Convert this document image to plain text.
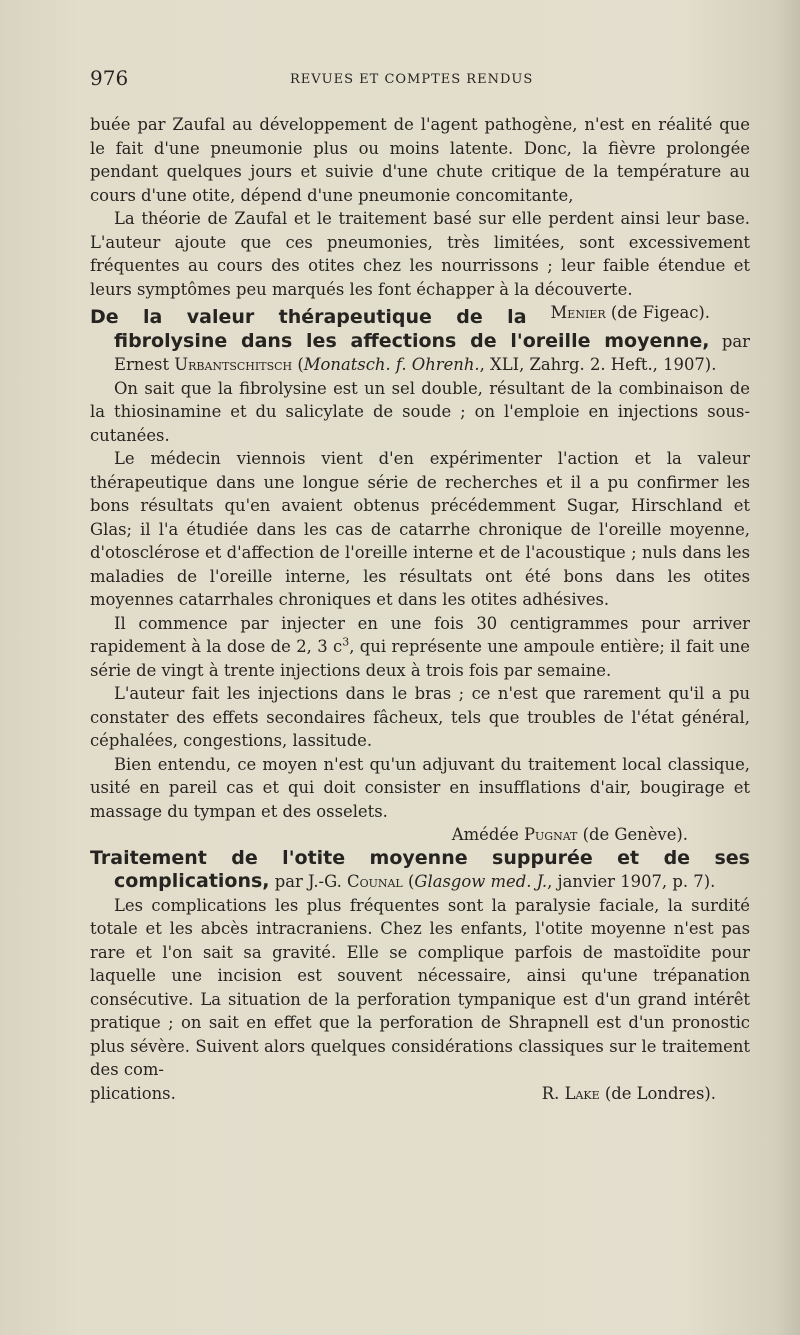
976	REVUES ET COMPTES RENDUS

buée par Zaufal au développement de l'agent pathogène, n'est en réalité que le fait d'une pneumonie plus ou moins latente. Donc, la fièvre prolongée pendant quelques jours et suivie d'une chute critique de la température au cours d'une otite, dépend d'une pneumonie concomitante,

La théorie de Zaufal et le traitement basé sur elle perdent ainsi leur base. L'auteur ajoute que ces pneumonies, très limitées, sont excessivement fréquentes au cours des otites chez les nourrissons ; leur faible étendue et leurs symptômes peu marqués les font échapper à la découverte.
Menier (de Figeac).

De la valeur thérapeutique de la fibrolysine dans les affections de l'oreille moyenne, par Ernest Urbantschitsch (Monatsch. f. Ohrenh., XLI, Zahrg. 2. Heft., 1907).

On sait que la fibrolysine est un sel double, résultant de la combinaison de la thiosinamine et du salicylate de soude ; on l'emploie en injections sous-cutanées.

Le médecin viennois vient d'en expérimenter l'action et la valeur thérapeutique dans une longue série de recherches et il a pu confirmer les bons résultats qu'en avaient obtenus précédemment Sugar, Hirschland et Glas; il l'a étudiée dans les cas de catarrhe chronique de l'oreille moyenne, d'otosclérose et d'affection de l'oreille interne et de l'acoustique ; nuls dans les maladies de l'oreille interne, les résultats ont été bons dans les otites moyennes catarrhales chroniques et dans les otites adhésives.

Il commence par injecter en une fois 30 centigrammes pour arriver rapidement à la dose de 2, 3 $c^3$, qui représente une ampoule entière; il fait une série de vingt à trente injections deux à trois fois par semaine.

L'auteur fait les injections dans le bras ; ce n'est que rarement qu'il a pu constater des effets secondaires fâcheux, tels que troubles de l'état général, céphalées, congestions, lassitude.

Bien entendu, ce moyen n'est qu'un adjuvant du traitement local classique, usité en pareil cas et qui doit consister en insufflations d'air, bougirage et massage du tympan et des osselets.

Amédée Pugnat (de Genève).

Traitement de l'otite moyenne suppurée et de ses complications, par J.-G. Counal (Glasgow med. J., janvier 1907, p. 7).

Les complications les plus fréquentes sont la paralysie faciale, la surdité totale et les abcès intracraniens. Chez les enfants, l'otite moyenne n'est pas rare et l'on sait sa gravité. Elle se complique parfois de mastoïdite pour laquelle une incision est souvent nécessaire, ainsi qu'une trépanation consécutive. La situation de la perforation tympanique est d'un grand intérêt pratique ; on sait en effet que la perforation de Shrapnell est d'un pronostic plus sévère. Suivent alors quelques considérations classiques sur le traitement des com-

plications.	R. Lake (de Londres).
